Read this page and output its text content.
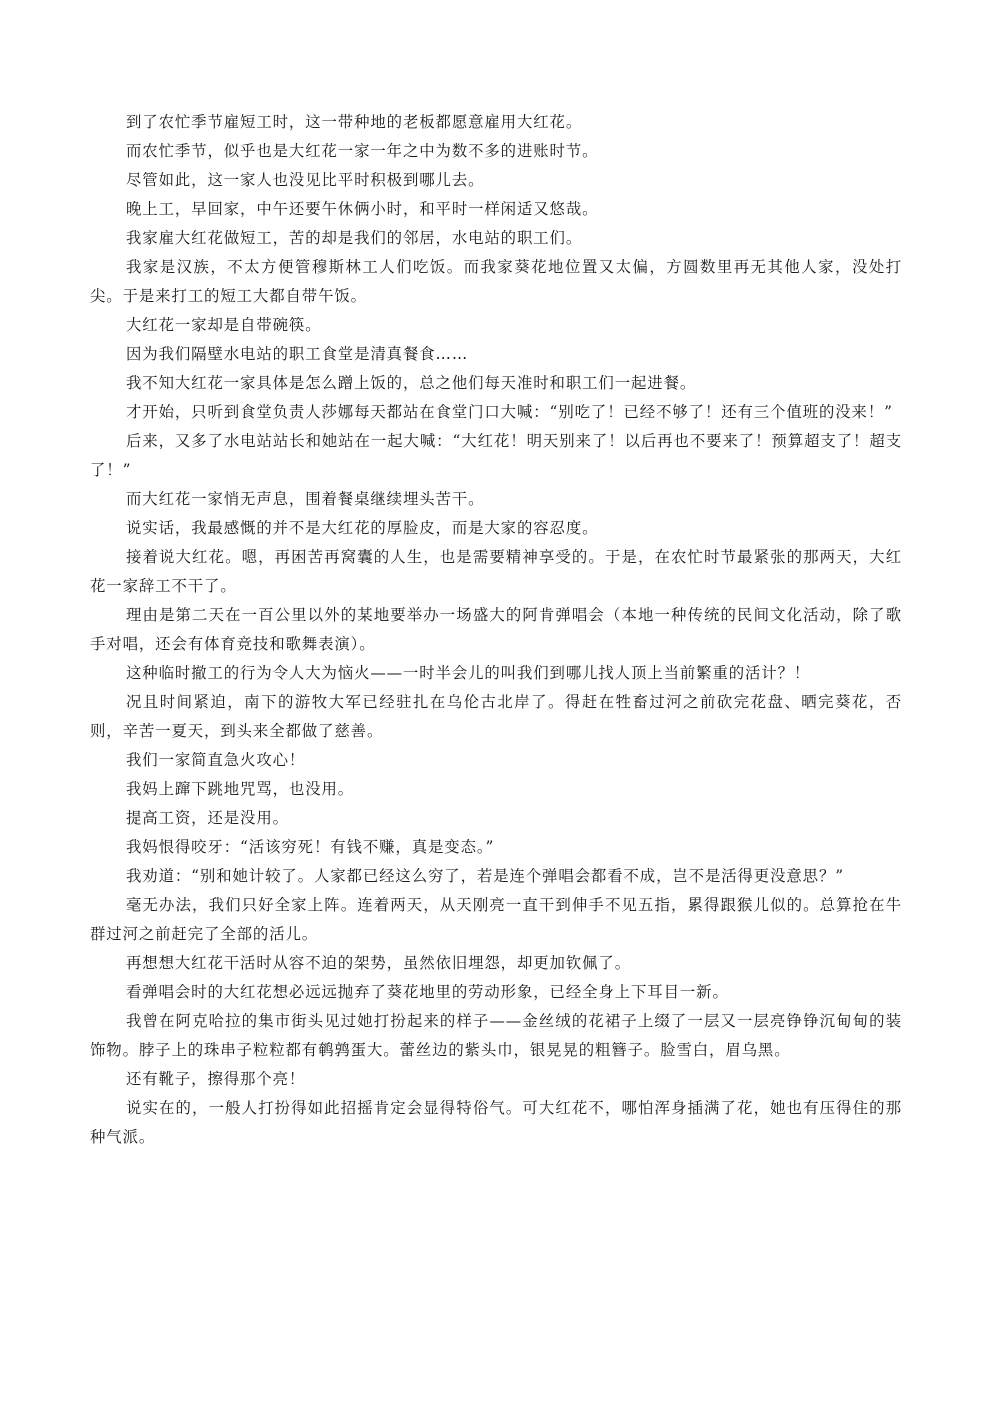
到了农忙季节雇短工时，这一带种地的老板都愿意雇用大红花。

而农忙季节，似乎也是大红花一家一年之中为数不多的进账时节。

尽管如此，这一家人也没见比平时积极到哪儿去。

晚上工，早回家，中午还要午休俩小时，和平时一样闲适又悠哉。

我家雇大红花做短工，苦的却是我们的邻居，水电站的职工们。

我家是汉族，不太方便管穆斯林工人们吃饭。而我家葵花地位置又太偏，方圆数里再无其他人家，没处打尖。于是来打工的短工大都自带午饭。

大红花一家却是自带碗筷。

因为我们隔壁水电站的职工食堂是清真餐食……

我不知大红花一家具体是怎么蹭上饭的，总之他们每天准时和职工们一起进餐。

才开始，只听到食堂负责人莎娜每天都站在食堂门口大喊：“别吃了！已经不够了！还有三个值班的没来！”

后来，又多了水电站站长和她站在一起大喊：“大红花！明天别来了！以后再也不要来了！预算超支了！超支了！”

而大红花一家悄无声息，围着餐桌继续埋头苦干。

说实话，我最感慨的并不是大红花的厚脸皮，而是大家的容忍度。

接着说大红花。嗯，再困苦再窝囊的人生，也是需要精神享受的。于是，在农忙时节最紧张的那两天，大红花一家辞工不干了。

理由是第二天在一百公里以外的某地要举办一场盛大的阿肯弹唱会（本地一种传统的民间文化活动，除了歌手对唱，还会有体育竞技和歌舞表演）。

这种临时撤工的行为令人大为恼火——一时半会儿的叫我们到哪儿找人顶上当前繁重的活计？！

况且时间紧迫，南下的游牧大军已经驻扎在乌伦古北岸了。得赶在牲畜过河之前砍完花盘、晒完葵花，否则，辛苦一夏天，到头来全都做了慈善。

我们一家简直急火攻心！

我妈上蹿下跳地咒骂，也没用。

提高工资，还是没用。

我妈恨得咬牙：“活该穷死！有钱不赚，真是变态。”

我劝道：“别和她计较了。人家都已经这么穷了，若是连个弹唱会都看不成，岂不是活得更没意思？”

毫无办法，我们只好全家上阵。连着两天，从天刚亮一直干到伸手不见五指，累得跟猴儿似的。总算抢在牛群过河之前赶完了全部的活儿。

再想想大红花干活时从容不迫的架势，虽然依旧埋怨，却更加钦佩了。

看弹唱会时的大红花想必远远抛弃了葵花地里的劳动形象，已经全身上下耳目一新。

我曾在阿克哈拉的集市街头见过她打扮起来的样子——金丝绒的花裙子上缀了一层又一层亮铮铮沉甸甸的装饰物。脖子上的珠串子粒粒都有鹌鹑蛋大。蕾丝边的紫头巾，银晃晃的粗簪子。脸雪白，眉乌黑。

还有靴子，擦得那个亮！

说实在的，一般人打扮得如此招摇肯定会显得特俗气。可大红花不，哪怕浑身插满了花，她也有压得住的那种气派。
